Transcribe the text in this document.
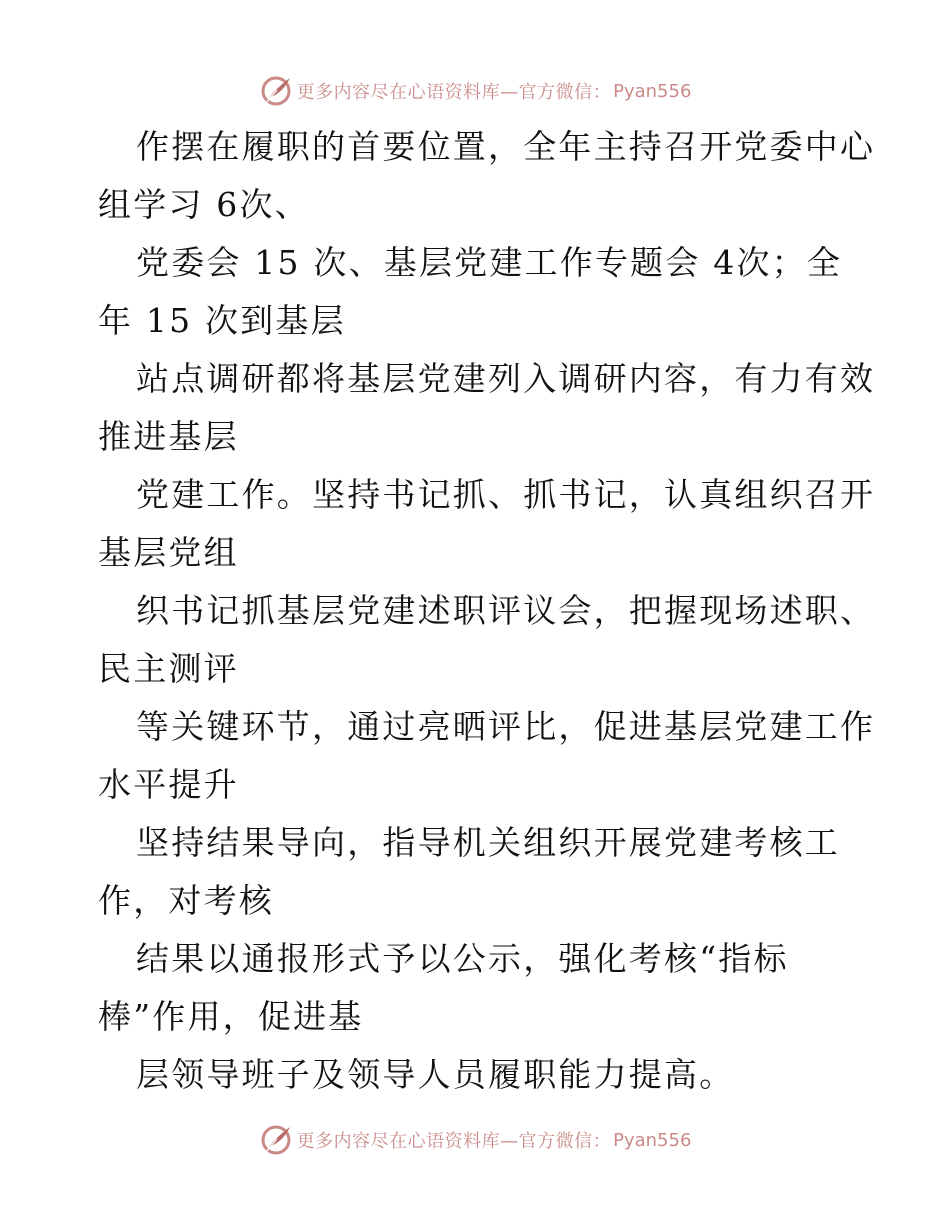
更多内容尽在心语资料库—官方微信： Pyan556

作摆在履职的首要位置，全年主持召开党委中心

组学习 6次、

党委会 15 次、基层党建工作专题会 4次；全

年 15 次到基层

站点调研都将基层党建列入调研内容，有力有效

推进基层

党建工作。坚持书记抓、抓书记，认真组织召开

基层党组

织书记抓基层党建述职评议会，把握现场述职、

民主测评

等关键环节，通过亮晒评比，促进基层党建工作

水平提升

坚持结果导向，指导机关组织开展党建考核工

作，对考核

结果以通报形式予以公示，强化考核“指标

棒”作用，促进基

层领导班子及领导人员履职能力提高。

更多内容尽在心语资料库—官方微信： Pyan556
